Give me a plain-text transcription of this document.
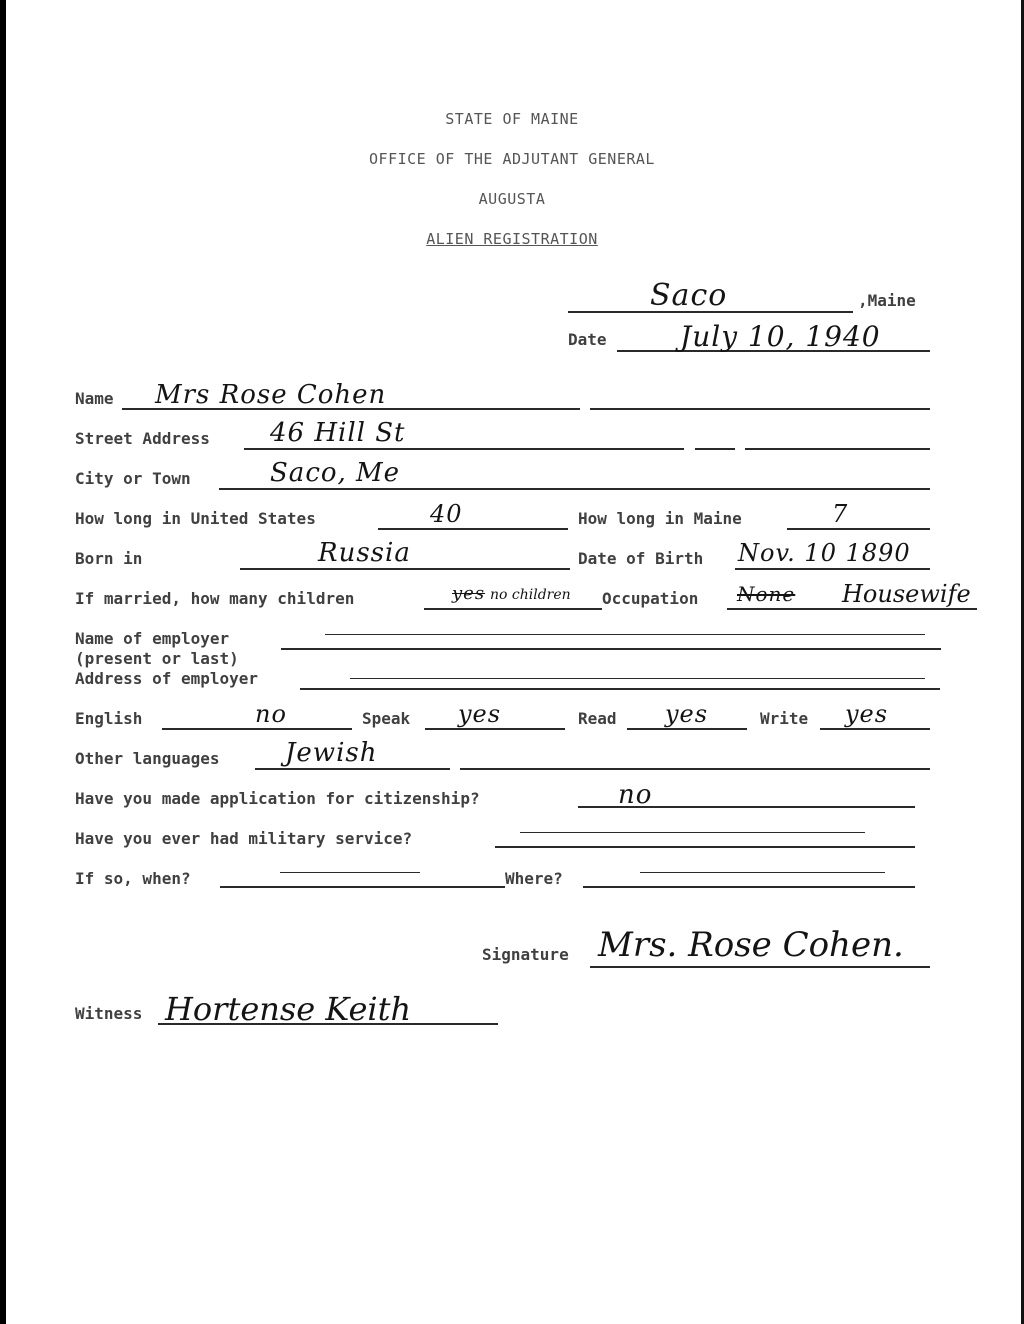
STATE OF MAINE
OFFICE OF THE ADJUTANT GENERAL
AUGUSTA
ALIEN REGISTRATION
Saco	,Maine
Date	July 10, 1940
Name Mrs Rose Cohen
Street Address 46 Hill St
City or Town	Saco, Me
How long in United States	40	How long in Maine	7
Born in	Russia	Date of Birth Nov. 10 1890
If married, how many children	yes no children Occupation None Housewife
Name of employer
(present or last)
Address of employer
English	no	Speak yes	Read yes	Write yes
Other languages	Jewish
Have you made application for citizenship?	no
Have you ever had military service?
If so, when?	Where?
Signature Mrs. Rose Cohen.
Witness Hortense Keith
